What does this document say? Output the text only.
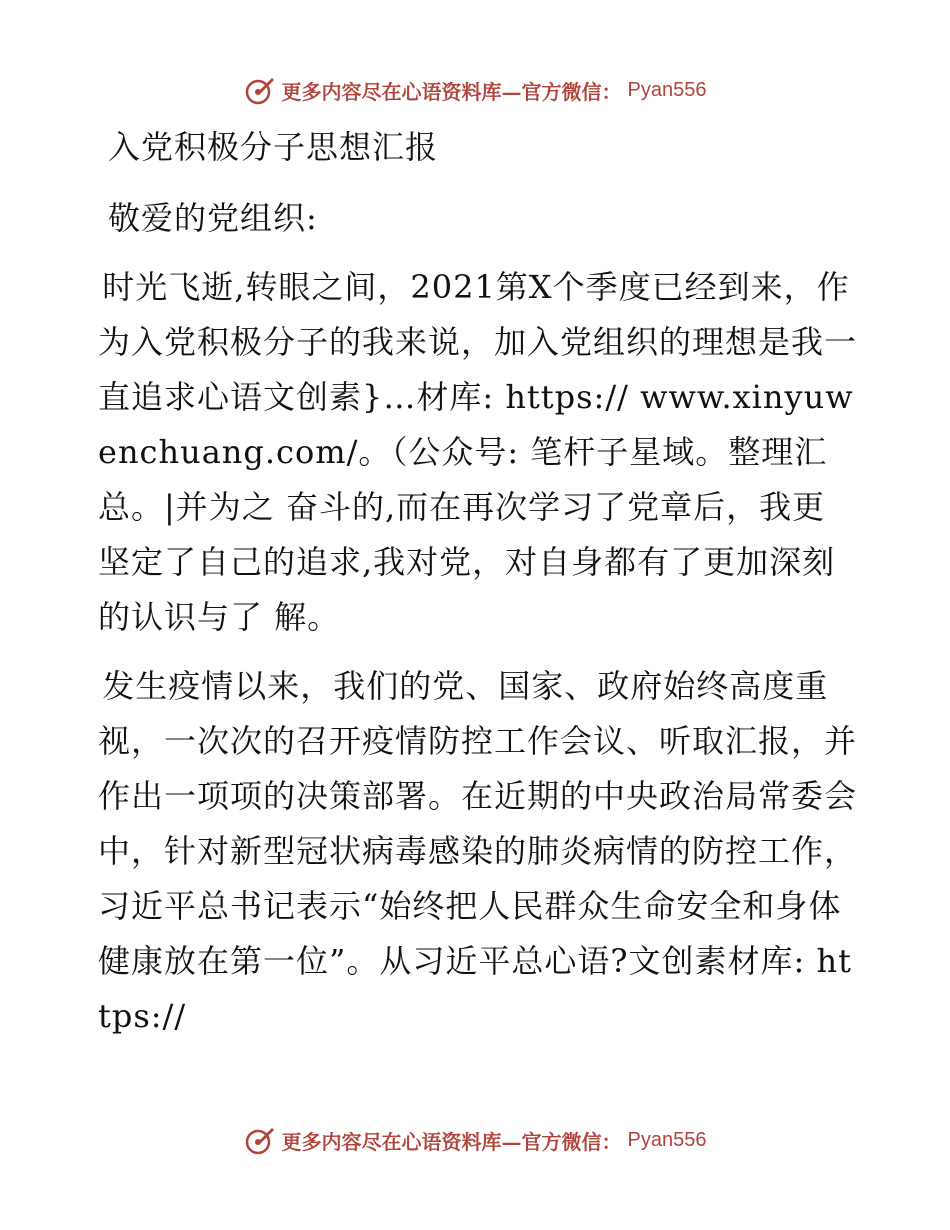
更多内容尽在心语资料库—官方微信： Pyan556

入党积极分子思想汇报

敬爱的党组织:

 时光飞逝,转眼之间，2021第X个季度已经到来，作为入党积极分子的我来说，加入党组织的理想是我一直追求心语文创素}…材库: https:// www.xinyuwenchuang.com/。（公众号: 笔杆子星域。整理汇总。|并为之 奋斗的,而在再次学习了党章后，我更坚定了自己的追求,我对党，对自身都有了更加深刻的认识与了 解。

 发生疫情以来，我们的党、国家、政府始终高度重视，一次次的召开疫情防控工作会议、听取汇报，并作出一项项的决策部署。在近期的中央政治局常委会中，针对新型冠状病毒感染的肺炎病情的防控工作，习近平总书记表示“始终把人民群众生命安全和身体健康放在第一位”。从习近平总心语?文创素材库: https://

更多内容尽在心语资料库—官方微信： Pyan556
